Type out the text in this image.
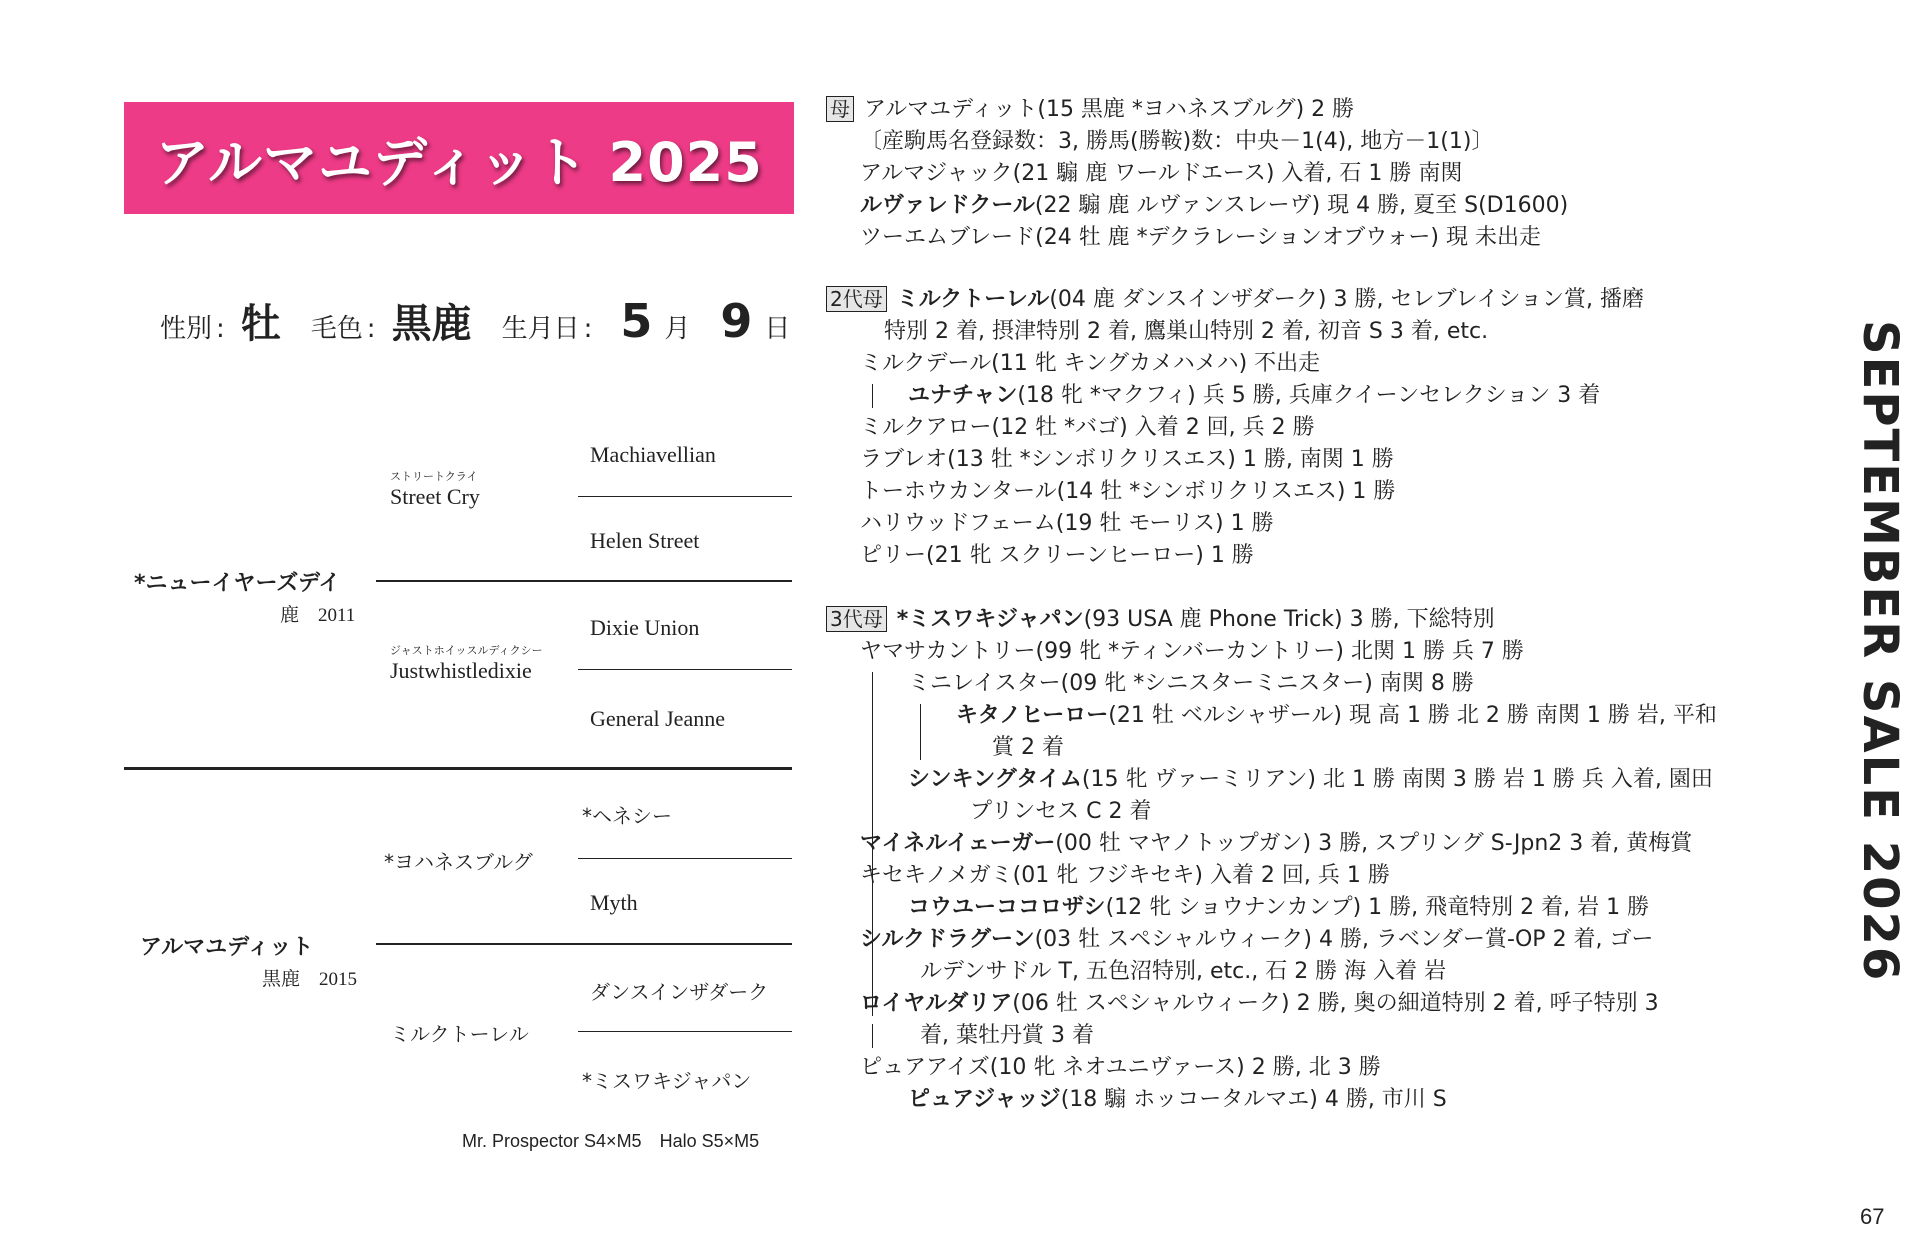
アルマユディット 2025
性別 : 牡 毛色 : 黒鹿 生月日 : 5 月 9 日
Machiavellian
Helen Street
Dixie Union
General Jeanne
*ヘネシー
Myth
ダンスインザダーク
*ミスワキジャパン
ストリートクライ
Street Cry
ジャストホイッスルディクシー
Justwhistledixie
*ヨハネスブルグ
ミルクトーレル
*ニューイヤーズデイ
鹿　2011
アルマユディット
黒鹿　2015
Mr. Prospector S4×M5　Halo S5×M5
母 アルマユディット(15 黒鹿 *ヨハネスブルグ) 2 勝
〔産駒馬名登録数：3, 勝馬(勝鞍)数：中央－1(4), 地方－1(1)〕
アルマジャック(21 騸 鹿 ワールドエース) 入着, 石 1 勝 南関
ルヴァレドクール(22 騸 鹿 ルヴァンスレーヴ) 現 4 勝, 夏至 S(D1600)
ツーエムブレード(24 牡 鹿 *デクラレーションオブウォー) 現 未出走
2代母 ミルクトーレル(04 鹿 ダンスインザダーク) 3 勝, セレブレイション賞, 播磨
特別 2 着, 摂津特別 2 着, 鷹巣山特別 2 着, 初音 S 3 着, etc.
ミルクデール(11 牝 キングカメハメハ) 不出走
ユナチャン(18 牝 *マクフィ) 兵 5 勝, 兵庫クイーンセレクション 3 着
ミルクアロー(12 牡 *バゴ) 入着 2 回, 兵 2 勝
ラブレオ(13 牡 *シンボリクリスエス) 1 勝, 南関 1 勝
トーホウカンタール(14 牡 *シンボリクリスエス) 1 勝
ハリウッドフェーム(19 牡 モーリス) 1 勝
ピリー(21 牝 スクリーンヒーロー) 1 勝
3代母 *ミスワキジャパン(93 USA 鹿 Phone Trick) 3 勝, 下総特別
ヤマサカントリー(99 牝 *ティンバーカントリー) 北関 1 勝 兵 7 勝
ミニレイスター(09 牝 *シニスターミニスター) 南関 8 勝
キタノヒーロー(21 牡 ベルシャザール) 現 高 1 勝 北 2 勝 南関 1 勝 岩, 平和
賞 2 着
シンキングタイム(15 牝 ヴァーミリアン) 北 1 勝 南関 3 勝 岩 1 勝 兵 入着, 園田
プリンセス C 2 着
マイネルイェーガー(00 牡 マヤノトップガン) 3 勝, スプリング S-Jpn2 3 着, 黄梅賞
キセキノメガミ(01 牝 フジキセキ) 入着 2 回, 兵 1 勝
コウユーココロザシ(12 牝 ショウナンカンプ) 1 勝, 飛竜特別 2 着, 岩 1 勝
シルクドラグーン(03 牡 スペシャルウィーク) 4 勝, ラベンダー賞-OP 2 着, ゴー
ルデンサドル T, 五色沼特別, etc., 石 2 勝 海 入着 岩
ロイヤルダリア(06 牡 スペシャルウィーク) 2 勝, 奥の細道特別 2 着, 呼子特別 3
着, 葉牡丹賞 3 着
ピュアアイズ(10 牝 ネオユニヴァース) 2 勝, 北 3 勝
ピュアジャッジ(18 騸 ホッコータルマエ) 4 勝, 市川 S
SEPTEMBER SALE 2026
67
